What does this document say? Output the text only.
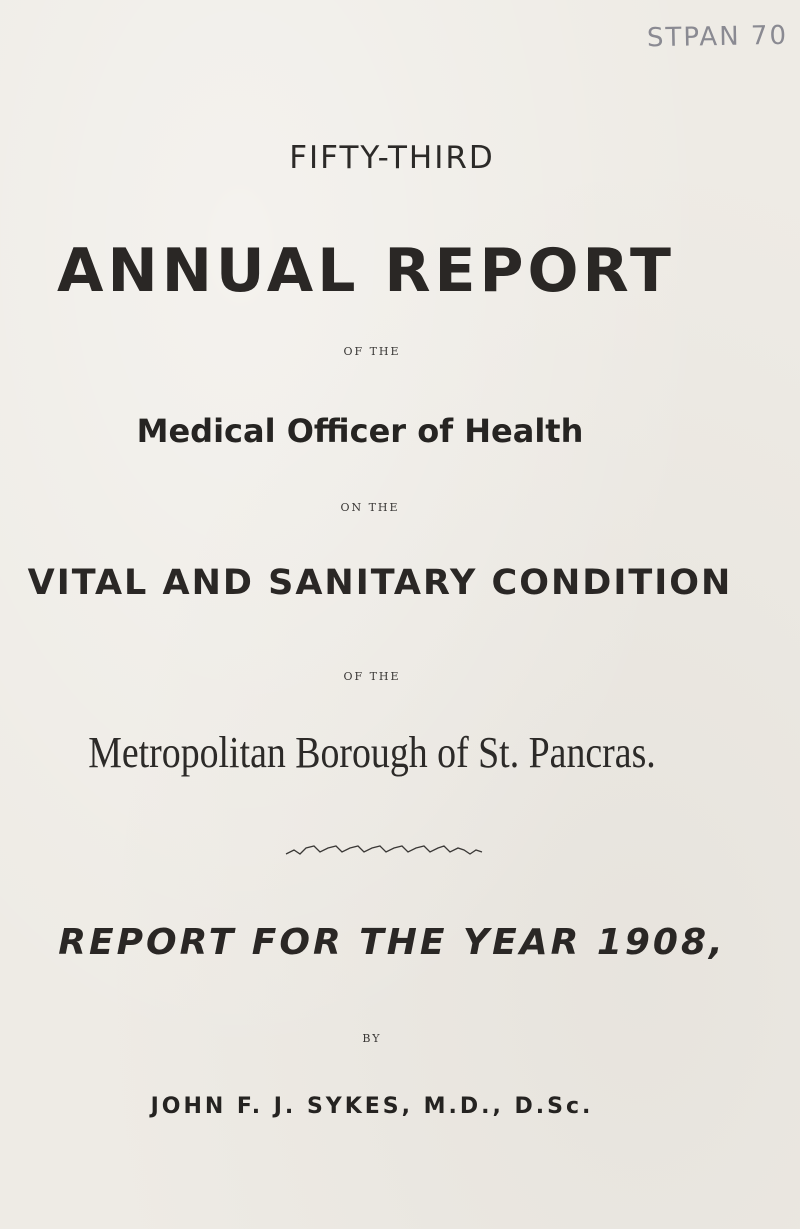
STPAN 70
FIFTY-THIRD
ANNUAL REPORT
OF THE
Medical Officer of Health
ON THE
VITAL AND SANITARY CONDITION
OF THE
Metropolitan Borough of St. Pancras.
REPORT FOR THE YEAR 1908,
BY
JOHN F. J. SYKES, M.D., D.Sc.
